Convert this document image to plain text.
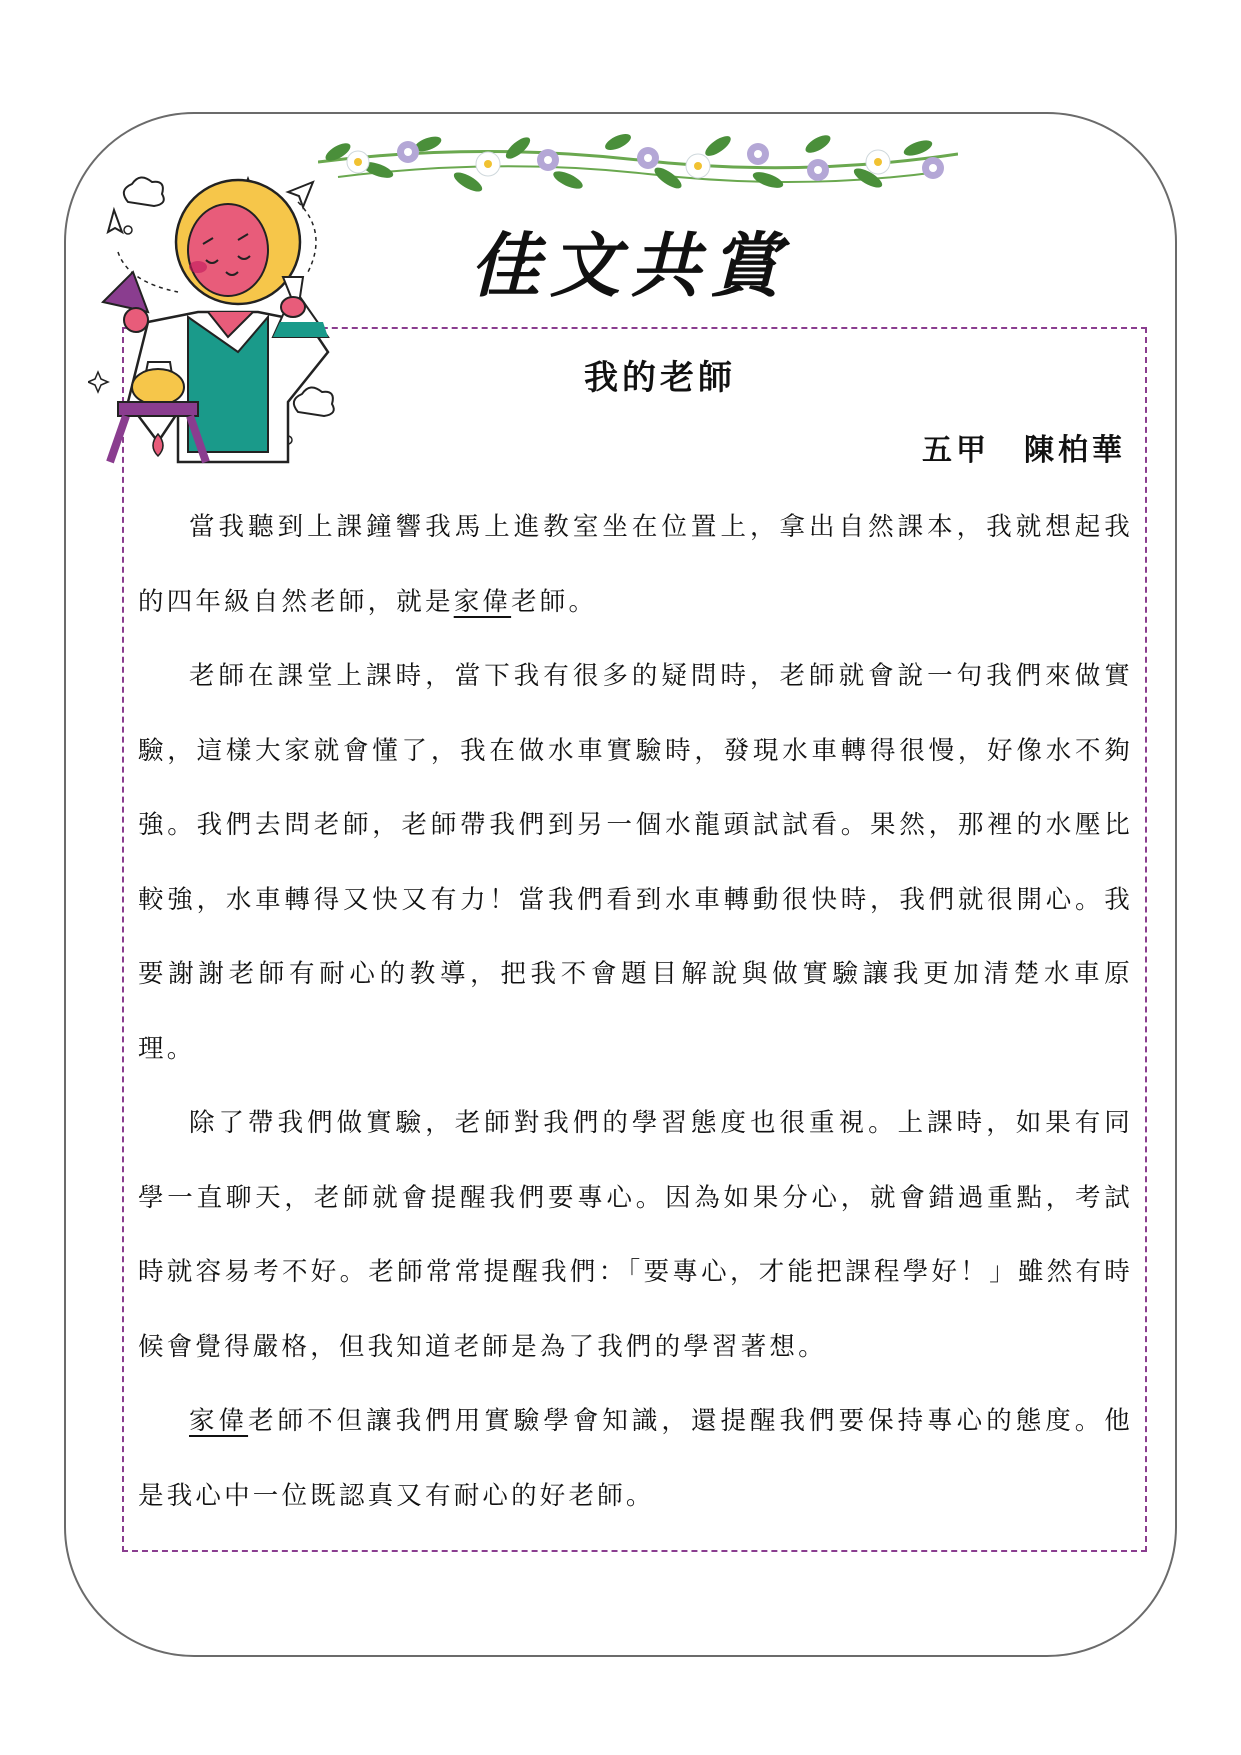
佳文共賞
我的老師

五甲　陳柏華

當我聽到上課鐘響我馬上進教室坐在位置上，拿出自然課本，我就想起我的四年級自然老師，就是家偉老師。

老師在課堂上課時，當下我有很多的疑問時，老師就會說一句我們來做實驗，這樣大家就會懂了，我在做水車實驗時，發現水車轉得很慢，好像水不夠強。我們去問老師，老師帶我們到另一個水龍頭試試看。果然，那裡的水壓比較強，水車轉得又快又有力！當我們看到水車轉動很快時，我們就很開心。我要謝謝老師有耐心的教導，把我不會題目解說與做實驗讓我更加清楚水車原理。

除了帶我們做實驗，老師對我們的學習態度也很重視。上課時，如果有同學一直聊天，老師就會提醒我們要專心。因為如果分心，就會錯過重點，考試時就容易考不好。老師常常提醒我們：「要專心，才能把課程學好！」雖然有時候會覺得嚴格，但我知道老師是為了我們的學習著想。

家偉老師不但讓我們用實驗學會知識，還提醒我們要保持專心的態度。他是我心中一位既認真又有耐心的好老師。
